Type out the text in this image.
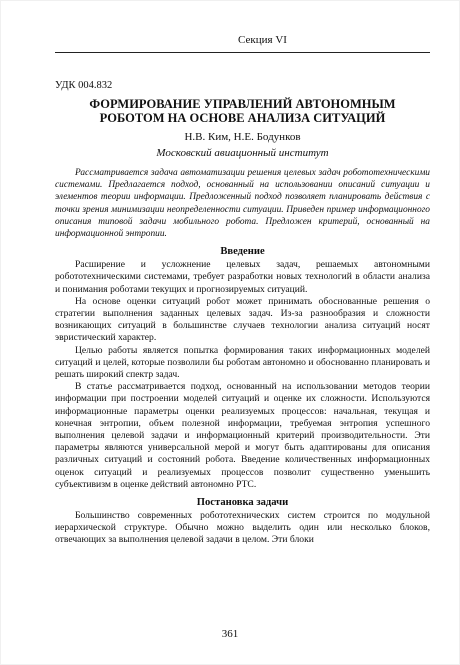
Секция VI

УДК 004.832

ФОРМИРОВАНИЕ УПРАВЛЕНИЙ АВТОНОМНЫМ
РОБОТОМ НА ОСНОВЕ АНАЛИЗА СИТУАЦИЙ

Н.В. Ким, Н.Е. Бодунков

Московский авиационный институт

Рассматривается задача автоматизации решения целевых задач робототехническими системами. Предлагается подход, основанный на использовании описаний ситуации и элементов теории информации. Предложенный подход позволяет планировать действия с точки зрения минимизации неопределенности ситуации. Приведен пример информационного описания типовой задачи мобильного робота. Предложен критерий, основанный на информационной энтропии.

Введение

Расширение и усложнение целевых задач, решаемых автономными робототехническими системами, требует разработки новых технологий в области анализа и понимания роботами текущих и прогнозируемых ситуаций.

На основе оценки ситуаций робот может принимать обоснованные решения о стратегии выполнения заданных целевых задач. Из-за разнообразия и сложности возникающих ситуаций в большинстве случаев технологии анализа ситуаций носят эвристический характер.

Целью работы является попытка формирования таких информационных моделей ситуаций и целей, которые позволили бы роботам автономно и обоснованно планировать и решать широкий спектр задач.

В статье рассматривается подход, основанный на использовании методов теории информации при построении моделей ситуаций и оценке их сложности. Используются информационные параметры оценки реализуемых процессов: начальная, текущая и конечная энтропии, объем полезной информации, требуемая энтропия успешного выполнения целевой задачи и информационный критерий производительности. Эти параметры являются универсальной мерой и могут быть адаптированы для описания различных ситуаций и состояний робота. Введение количественных информационных оценок ситуаций и реализуемых процессов позволит существенно уменьшить субъективизм в оценке действий автономно РТС.

Постановка задачи

Большинство современных робототехнических систем строится по модульной иерархической структуре. Обычно можно выделить один или несколько блоков, отвечающих за выполнения целевой задачи в целом. Эти блоки

361
